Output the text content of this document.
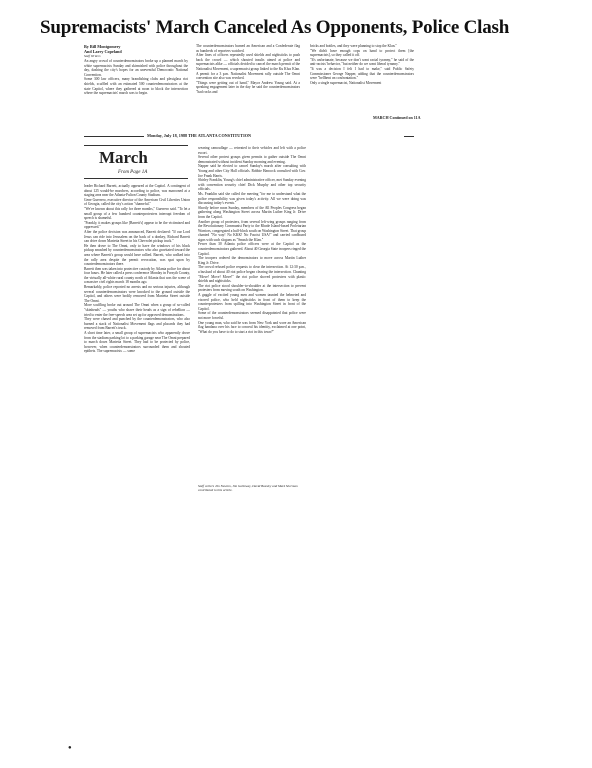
Supremacists' March Canceled As Opponents, Police Clash
By Bill Montgomery
And Larry Copeland
Staff Writers
An angry crowd of counterdemonstrators broke up a planned march by white supremacists Sunday and skirmished with police throughout the day, dashing the city's hopes for an uneventful Democratic National Convention.
Some 300 law officers, many brandishing clubs and plexiglass riot shields, scuffled with an estimated 500 counterdemonstrators at the state Capitol, where they gathered at noon to block the intersection where the supremacists' march was to begin.
The counterdemonstrators burned an American and a Confederate flag as hundreds of reporters watched.
After lines of officers repeatedly used shields and nightsticks to push back the crowd — which shouted insults aimed at police and supremacists alike — officials decided to cancel the march permit of the Nationalist Movement, a supremacist group linked to the Ku Klux Klan.
A permit for a 3 p.m. Nationalist Movement rally outside The Omni convention site also was revoked.
"Things were getting out of hand," Mayor Andrew Young said. At a speaking engagement later in the day he said the counterdemonstrators "had rocks and
bricks and bottles, and they were planning to stop the Klan."
"We didn't have enough cops on hand to protect them [the supremacists], so they called it off.
"It's unfortunate, because we don't want racial tyranny," he said of the anti-racists' behavior, "but neither do we want liberal tyranny."
"It was a decision I felt I had to make," said Public Safety Commissioner George Napper, adding that the counterdemonstrators were "hellbent on confrontation."
Only a single supremacist, Nationalist Movement
MARCH Continued on 11A
Monday, July 18, 1988 THE ATLANTA CONSTITUTION
March
From Page 1A
leader Richard Barrett, actually appeared at the Capitol. A contingent of about 125 would-be marchers, according to police, was marooned at a staging area near the Atlanta-Fulton County Stadium.
Gene Guerrero, executive director of the American Civil Liberties Union of Georgia, called the city's action "shameful."
"We've known about this rally for three months," Guerrero said. "To let a small group of a few hundred counterprotesters interrupt freedom of speech is shameful.
"Frankly, it makes groups like [Barrett's] appear to be the victimized and oppressed."
After the police decision was announced, Barrett declared: "If our Lord Jesus can ride into Jerusalem on the back of a donkey, Richard Barrett can drive down Marietta Street in his Chevrolet pickup truck."
He then drove to The Omni, only to have the windows of his black pickup smashed by counterdemonstrators who also gravitated toward the area where Barrett's group would have rallied. Barrett, who walked into the rally area despite the permit revocation, was spat upon by counterdemonstrators there.
Barrett then was taken into protective custody by Atlanta police for about four hours. He later called a press conference Monday in Forsyth County, the virtually all-white rural county north of Atlanta that was the scene of a massive civil rights march 18 months ago.
Remarkably, police reported no arrests and no serious injuries, although several counterdemonstrators were knocked to the ground outside the Capitol, and others were bodily removed from Marietta Street outside The Omni.
More scuffling broke out around The Omni when a group of so-called "skinheads" — youths who shave their heads as a sign of rebellion — tried to enter the free-speech area set up for approved demonstrations.
They were chased and punched by the counterdemonstrators, who also burned a stack of Nationalist Movement flags and placards they had removed from Barrett's truck.
A short time later, a small group of supremacists who apparently drove from the stadium parking lot to a parking garage near The Omni prepared to march down Marietta Street. They had to be protected by police, however, when counterdemonstrators surrounded them and shouted epithets. The supremacists — some
wearing camouflage — retreated to their vehicles and left with a police escort.
Several other protest groups given permits to gather outside The Omni demonstrated without incident Sunday morning and evening.
Napper said he elected to cancel Sunday's march after consulting with Young and other City Hall officials. Robbie Hancock consulted with Gov. Joe Frank Harris.
Shirley Franklin, Young's chief administrative officer, met Sunday evening with convention security chief Dick Murphy and other top security officials.
Ms. Franklin said she called the meeting "for me to understand what the police responsibility was given today's activity. All we were doing was discussing today's events."
Shortly before noon Sunday, members of the All Peoples Congress began gathering along Washington Street across Martin Luther King Jr. Drive from the Capitol.
Another group of protesters, from several left-wing groups ranging from the Revolutionary Communist Party to the Rhode Island-based Proletarian Warriors, congregated a half-block south on Washington Street. That group chanted "No way! No KKK! No Fascist USA!" and carried cardboard signs with such slogans as "Smash the Klan."
Fewer than 30 Atlanta police officers were at the Capitol as the counterdemonstrators gathered. About 40 Georgia State troopers ringed the Capitol.
The troopers ordered the demonstrators to move across Martin Luther King Jr. Drive.
The crowd refused police requests to clear the intersection. At 12:30 p.m., a busload of about 40 riot police began clearing the intersection. Chanting "Move! Move! Move!" the riot police shoved protesters with plastic shields and nightsticks.
The riot police stood shoulder-to-shoulder at the intersection to prevent protesters from moving south on Washington.
A gaggle of excited young men and women taunted the helmeted and visored police, who held nightsticks in front of them to keep the counterprotesters from spilling into Washington Street in front of the Capitol.
Some of the counterdemonstrators seemed disappointed that police were not more forceful.
One young man, who said he was from New York and wore an American flag bandana over his face to conceal his identity, exclaimed at one point, "What do you have to do to start a riot in this town?"
Staff writers Jim Newton, Jim Galloway, David Beasley and Mark Sherman contributed to this article.
●
